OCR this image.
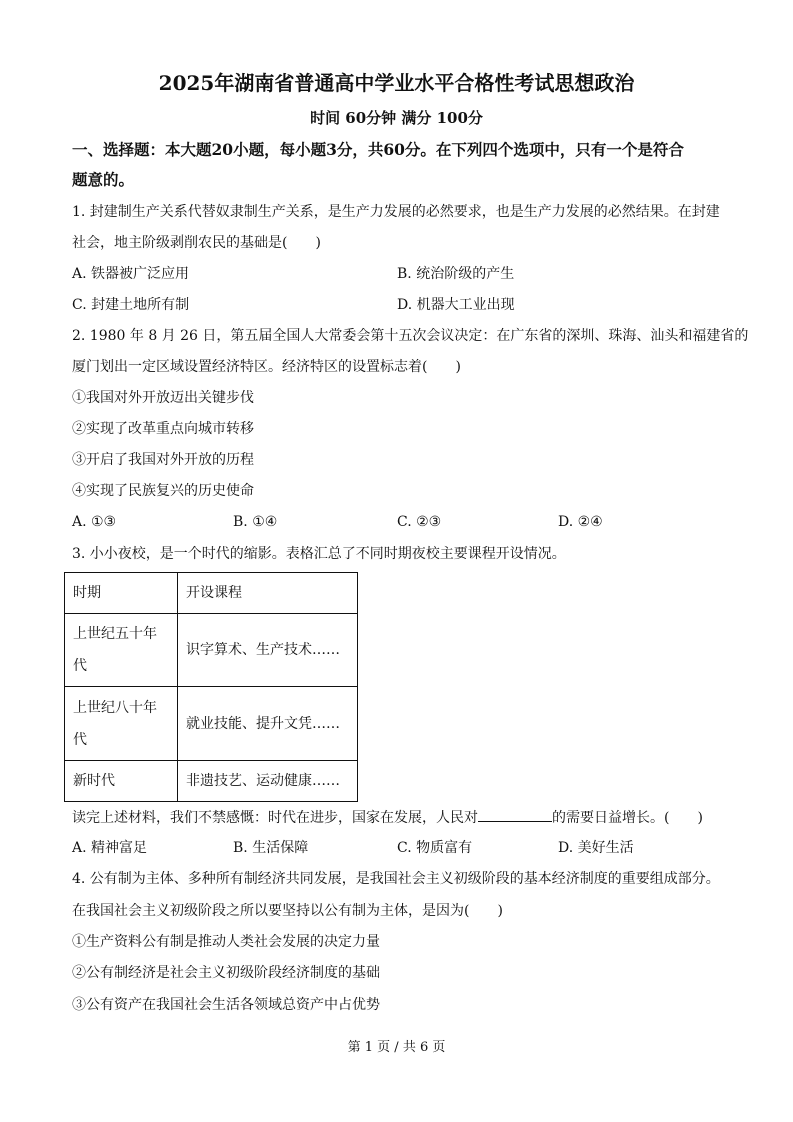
2025年湖南省普通高中学业水平合格性考试思想政治
时间 60分钟 满分 100分
一、选择题：本大题20小题，每小题3分，共60分。在下列四个选项中，只有一个是符合
题意的。
1. 封建制生产关系代替奴隶制生产关系，是生产力发展的必然要求，也是生产力发展的必然结果。在封建
社会，地主阶级剥削农民的基础是(　　)
A. 铁器被广泛应用	B. 统治阶级的产生
C. 封建土地所有制	D. 机器大工业出现
2. 1980 年 8 月 26 日，第五届全国人大常委会第十五次会议决定：在广东省的深圳、珠海、汕头和福建省的
厦门划出一定区域设置经济特区。经济特区的设置标志着(　　)
①我国对外开放迈出关键步伐
②实现了改革重点向城市转移
③开启了我国对外开放的历程
④实现了民族复兴的历史使命
A. ①③	B. ①④	C. ②③	D. ②④
3. 小小夜校，是一个时代的缩影。表格汇总了不同时期夜校主要课程开设情况。
时期	开设课程
上世纪五十年代	识字算术、生产技术……
上世纪八十年代	就业技能、提升文凭……
新时代	非遗技艺、运动健康……
读完上述材料，我们不禁感慨：时代在进步，国家在发展，人民对	的需要日益增长。(　　)
A. 精神富足	B. 生活保障	C. 物质富有	D. 美好生活
4. 公有制为主体、多种所有制经济共同发展，是我国社会主义初级阶段的基本经济制度的重要组成部分。
在我国社会主义初级阶段之所以要坚持以公有制为主体，是因为(　　)
①生产资料公有制是推动人类社会发展的决定力量
②公有制经济是社会主义初级阶段经济制度的基础
③公有资产在我国社会生活各领域总资产中占优势
第 1 页 / 共 6 页
